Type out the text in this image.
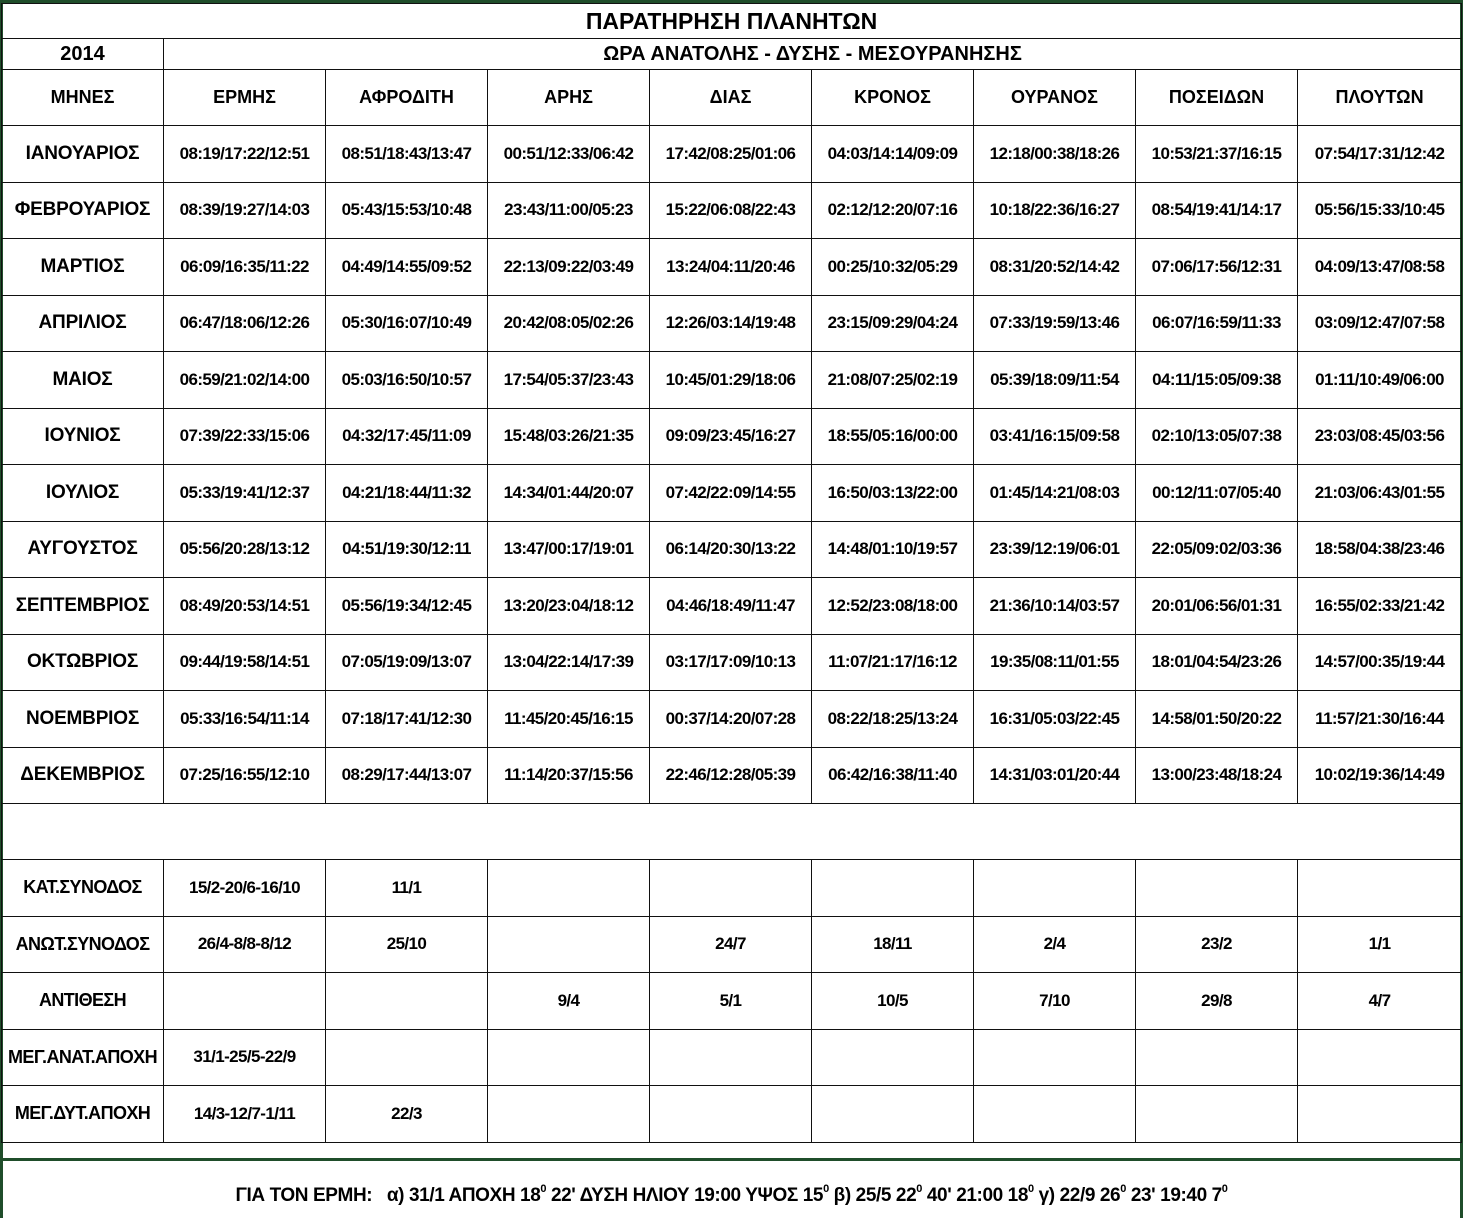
ΠΑΡΑΤΗΡΗΣΗ ΠΛΑΝΗΤΩΝ								
2014	ΩΡΑ ΑΝΑΤΟΛΗΣ - ΔΥΣΗΣ - ΜΕΣΟΥΡΑΝΗΣΗΣ							
ΜΗΝΕΣ	ΕΡΜΗΣ	ΑΦΡΟΔΙΤΗ	ΑΡΗΣ	ΔΙΑΣ	ΚΡΟΝΟΣ	ΟΥΡΑΝΟΣ	ΠΟΣΕΙΔΩΝ	ΠΛΟΥΤΩΝ
ΙΑΝΟΥΑΡΙΟΣ	08:19/17:22/12:51	08:51/18:43/13:47	00:51/12:33/06:42	17:42/08:25/01:06	04:03/14:14/09:09	12:18/00:38/18:26	10:53/21:37/16:15	07:54/17:31/12:42
ΦΕΒΡΟΥΑΡΙΟΣ	08:39/19:27/14:03	05:43/15:53/10:48	23:43/11:00/05:23	15:22/06:08/22:43	02:12/12:20/07:16	10:18/22:36/16:27	08:54/19:41/14:17	05:56/15:33/10:45
ΜΑΡΤΙΟΣ	06:09/16:35/11:22	04:49/14:55/09:52	22:13/09:22/03:49	13:24/04:11/20:46	00:25/10:32/05:29	08:31/20:52/14:42	07:06/17:56/12:31	04:09/13:47/08:58
ΑΠΡΙΛΙΟΣ	06:47/18:06/12:26	05:30/16:07/10:49	20:42/08:05/02:26	12:26/03:14/19:48	23:15/09:29/04:24	07:33/19:59/13:46	06:07/16:59/11:33	03:09/12:47/07:58
ΜΑΙΟΣ	06:59/21:02/14:00	05:03/16:50/10:57	17:54/05:37/23:43	10:45/01:29/18:06	21:08/07:25/02:19	05:39/18:09/11:54	04:11/15:05/09:38	01:11/10:49/06:00
ΙΟΥΝΙΟΣ	07:39/22:33/15:06	04:32/17:45/11:09	15:48/03:26/21:35	09:09/23:45/16:27	18:55/05:16/00:00	03:41/16:15/09:58	02:10/13:05/07:38	23:03/08:45/03:56
ΙΟΥΛΙΟΣ	05:33/19:41/12:37	04:21/18:44/11:32	14:34/01:44/20:07	07:42/22:09/14:55	16:50/03:13/22:00	01:45/14:21/08:03	00:12/11:07/05:40	21:03/06:43/01:55
ΑΥΓΟΥΣΤΟΣ	05:56/20:28/13:12	04:51/19:30/12:11	13:47/00:17/19:01	06:14/20:30/13:22	14:48/01:10/19:57	23:39/12:19/06:01	22:05/09:02/03:36	18:58/04:38/23:46
ΣΕΠΤΕΜΒΡΙΟΣ	08:49/20:53/14:51	05:56/19:34/12:45	13:20/23:04/18:12	04:46/18:49/11:47	12:52/23:08/18:00	21:36/10:14/03:57	20:01/06:56/01:31	16:55/02:33/21:42
ΟΚΤΩΒΡΙΟΣ	09:44/19:58/14:51	07:05/19:09/13:07	13:04/22:14/17:39	03:17/17:09/10:13	11:07/21:17/16:12	19:35/08:11/01:55	18:01/04:54/23:26	14:57/00:35/19:44
ΝΟΕΜΒΡΙΟΣ	05:33/16:54/11:14	07:18/17:41/12:30	11:45/20:45/16:15	00:37/14:20/07:28	08:22/18:25/13:24	16:31/05:03/22:45	14:58/01:50/20:22	11:57/21:30/16:44
ΔΕΚΕΜΒΡΙΟΣ	07:25/16:55/12:10	08:29/17:44/13:07	11:14/20:37/15:56	22:46/12:28/05:39	06:42/16:38/11:40	14:31/03:01/20:44	13:00/23:48/18:24	10:02/19:36/14:49

ΚΑΤ.ΣΥΝΟΔΟΣ	15/2-20/6-16/10	11/1						
ΑΝΩΤ.ΣΥΝΟΔΟΣ	26/4-8/8-8/12	25/10		24/7	18/11	2/4	23/2	1/1
ΑΝΤΙΘΕΣΗ			9/4	5/1	10/5	7/10	29/8	4/7
ΜΕΓ.ΑΝΑΤ.ΑΠΟΧΗ	31/1-25/5-22/9							
ΜΕΓ.ΔΥΤ.ΑΠΟΧΗ	14/3-12/7-1/11	22/3						
ΓΙΑ ΤΟΝ ΕΡΜΗ: α) 31/1 ΑΠΟΧΗ $18^0$ 22' ΔΥΣΗ ΗΛΙΟΥ 19:00 ΥΨΟΣ $15^0$ β) 25/5 $22^0$ 40' 21:00 $18^0$ γ) 22/9 $26^0$ 23' 19:40 $7^0$
